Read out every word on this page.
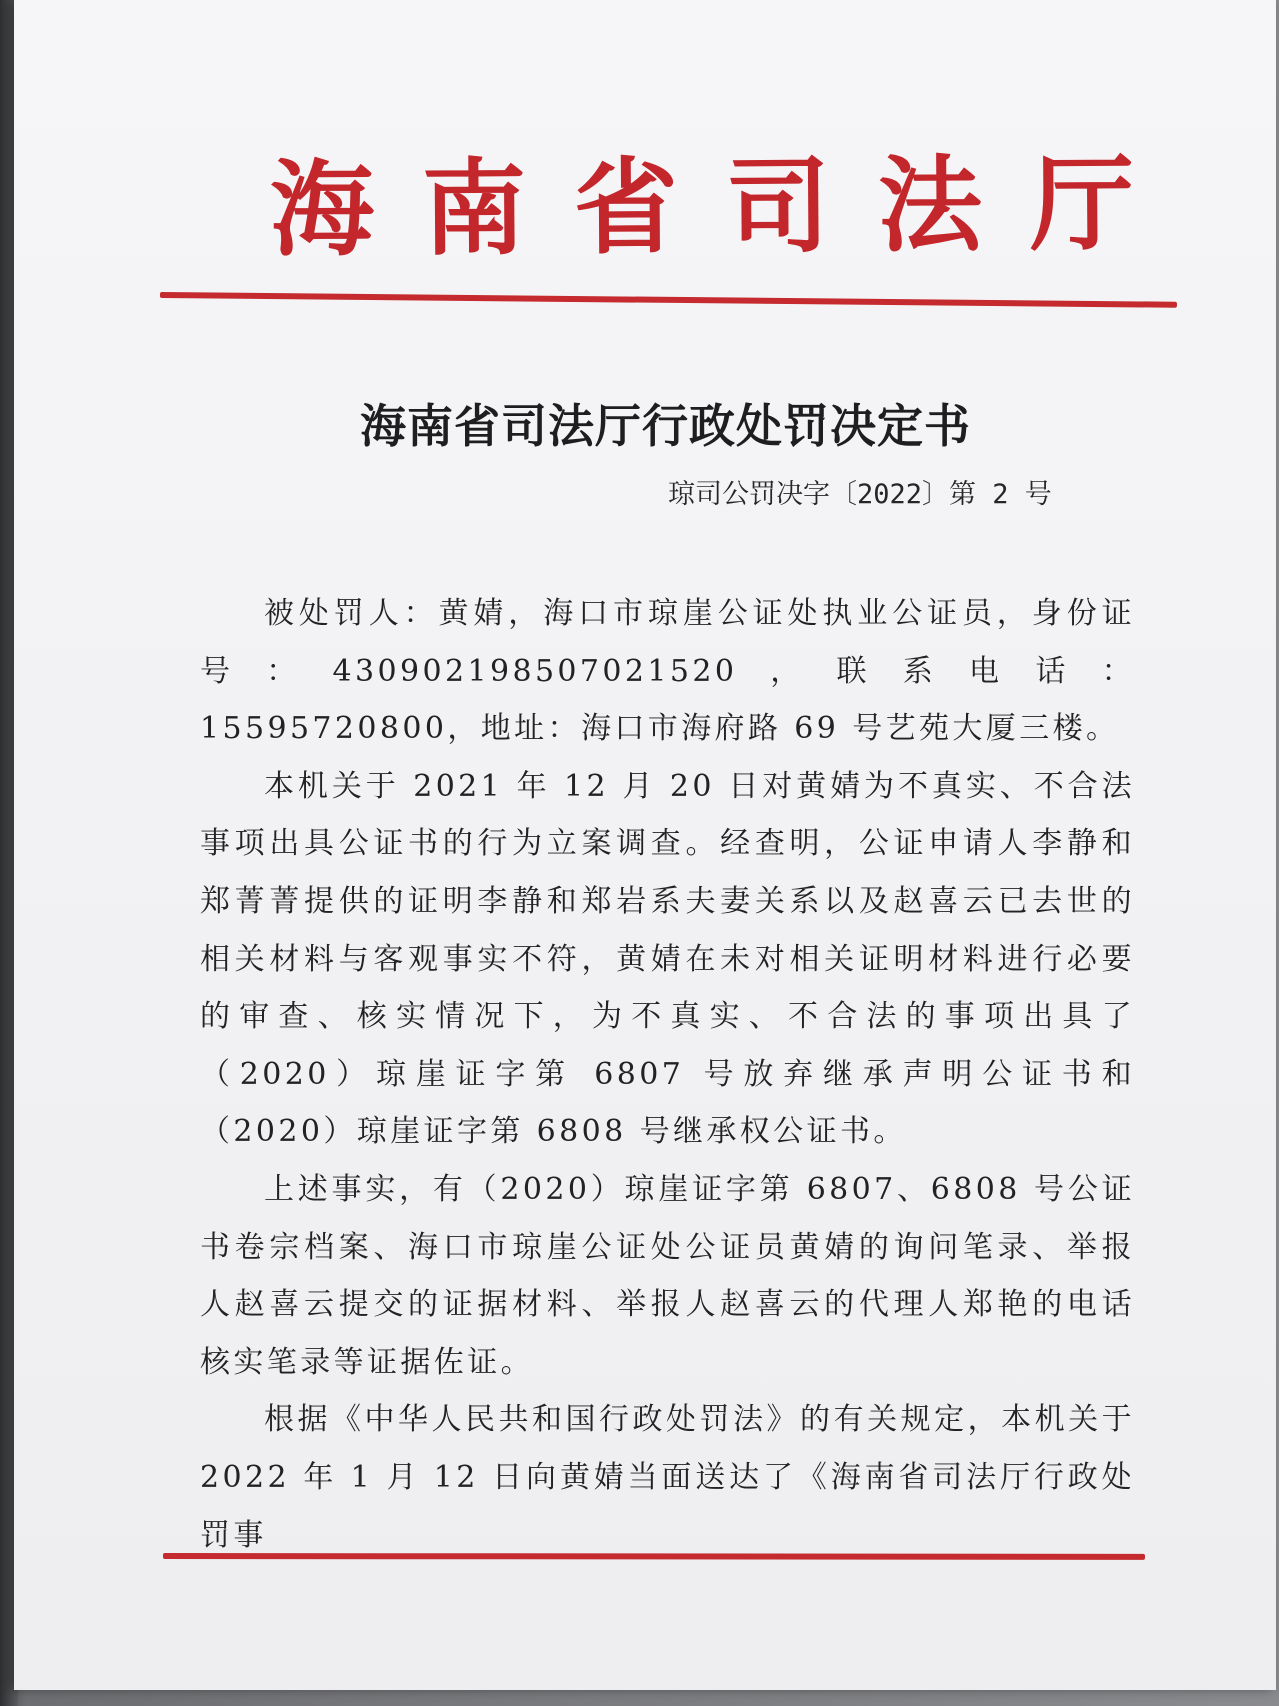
海南省司法厅
海南省司法厅行政处罚决定书
琼司公罚决字〔2022〕第 2 号

被处罚人：黄婧，海口市琼崖公证处执业公证员，身份证号：430902198507021520，联系电话：15595720800，地址：海口市海府路 69 号艺苑大厦三楼。

本机关于 2021 年 12 月 20 日对黄婧为不真实、不合法事项出具公证书的行为立案调查。经查明，公证申请人李静和郑菁菁提供的证明李静和郑岩系夫妻关系以及赵喜云已去世的相关材料与客观事实不符，黄婧在未对相关证明材料进行必要的审查、核实情况下，为不真实、不合法的事项出具了（2020）琼崖证字第 6807 号放弃继承声明公证书和（2020）琼崖证字第 6808 号继承权公证书。

上述事实，有（2020）琼崖证字第 6807、6808 号公证书卷宗档案、海口市琼崖公证处公证员黄婧的询问笔录、举报人赵喜云提交的证据材料、举报人赵喜云的代理人郑艳的电话核实笔录等证据佐证。

根据《中华人民共和国行政处罚法》的有关规定，本机关于 2022 年 1 月 12 日向黄婧当面送达了《海南省司法厅行政处罚事
